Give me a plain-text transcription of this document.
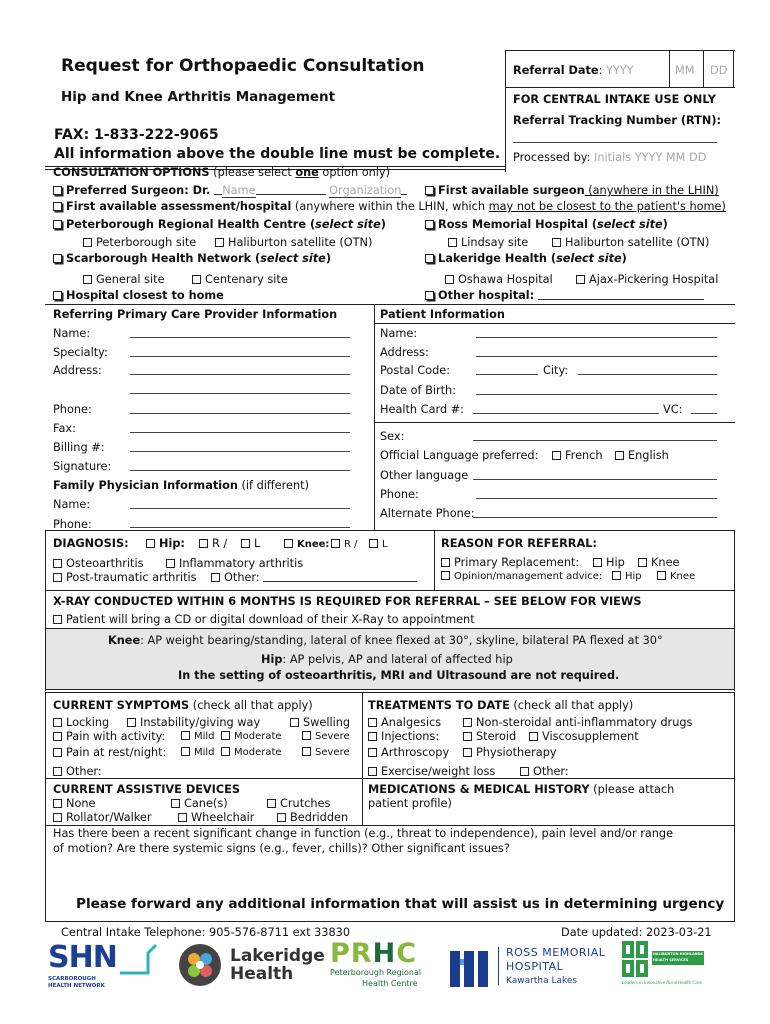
Request for Orthopaedic Consultation
Hip and Knee Arthritis Management
FAX: 1-833-222-9065
All information above the double line must be complete.
Referral Date: YYYY	MM DD
FOR CENTRAL INTAKE USE ONLY
Referral Tracking Number (RTN):
Processed by: Initials YYYY MM DD
CONSULTATION OPTIONS (please select one option only)
Preferred Surgeon: Dr. Name	Organization	First available surgeon (anywhere in the LHIN)
First available assessment/hospital (anywhere within the LHIN, which may not be closest to the patient's home)
Peterborough Regional Health Centre (select site)	Ross Memorial Hospital (select site)
Peterborough site	Haliburton satellite (OTN)	Lindsay site	Haliburton satellite (OTN)
Scarborough Health Network (select site)	Lakeridge Health (select site)
General site	Centenary site	Oshawa Hospital	Ajax-Pickering Hospital
Hospital closest to home	Other hospital:
Referring Primary Care Provider Information
Name:
Specialty:
Address:
Phone:
Fax:
Billing #:
Signature:
Family Physician Information (if different)
Name:
Phone:
Patient Information
Name:
Address:
Postal Code:	City:
Date of Birth:
Health Card #:	VC:
Sex:
Official Language preferred:	French	English
Other language
Phone:
Alternate Phone:
DIAGNOSIS:	Hip:	R /	L	Knee:	R /	L
Osteoarthritis	Inflammatory arthritis
Post-traumatic arthritis	Other:
REASON FOR REFERRAL:
Primary Replacement:	Hip	Knee
Opinion/management advice:	Hip	Knee
X-RAY CONDUCTED WITHIN 6 MONTHS IS REQUIRED FOR REFERRAL – SEE BELOW FOR VIEWS
Patient will bring a CD or digital download of their X-Ray to appointment
Knee: AP weight bearing/standing, lateral of knee flexed at 30°, skyline, bilateral PA flexed at 30°
Hip: AP pelvis, AP and lateral of affected hip
In the setting of osteoarthritis, MRI and Ultrasound are not required.
CURRENT SYMPTOMS (check all that apply)
Locking	Instability/giving way	Swelling
Pain with activity:	Mild	Moderate	Severe
Pain at rest/night:	Mild	Moderate	Severe
Other:
TREATMENTS TO DATE (check all that apply)
Analgesics	Non-steroidal anti-inflammatory drugs
Injections:	Steroid	Viscosupplement
Arthroscopy	Physiotherapy
Exercise/weight loss	Other:
CURRENT ASSISTIVE DEVICES
None	Cane(s)	Crutches
Rollator/Walker	Wheelchair	Bedridden
MEDICATIONS & MEDICAL HISTORY (please attach
patient profile)
Has there been a recent significant change in function (e.g., threat to independence), pain level and/or range
of motion? Are there systemic signs (e.g., fever, chills)? Other significant issues?
Please forward any additional information that will assist us in determining urgency
Central Intake Telephone: 905-576-8711 ext 33830	Date updated: 2023-03-21
SHN
SCARBOROUGH
HEALTH NETWORK
Lakeridge
Health
PRHC
Peterborough Regional
Health Centre
ROSS MEMORIAL
HOSPITAL
Kawartha Lakes
HALIBURTON HIGHLANDS
HEALTH SERVICES
Leaders in Innovative Rural Health Care
